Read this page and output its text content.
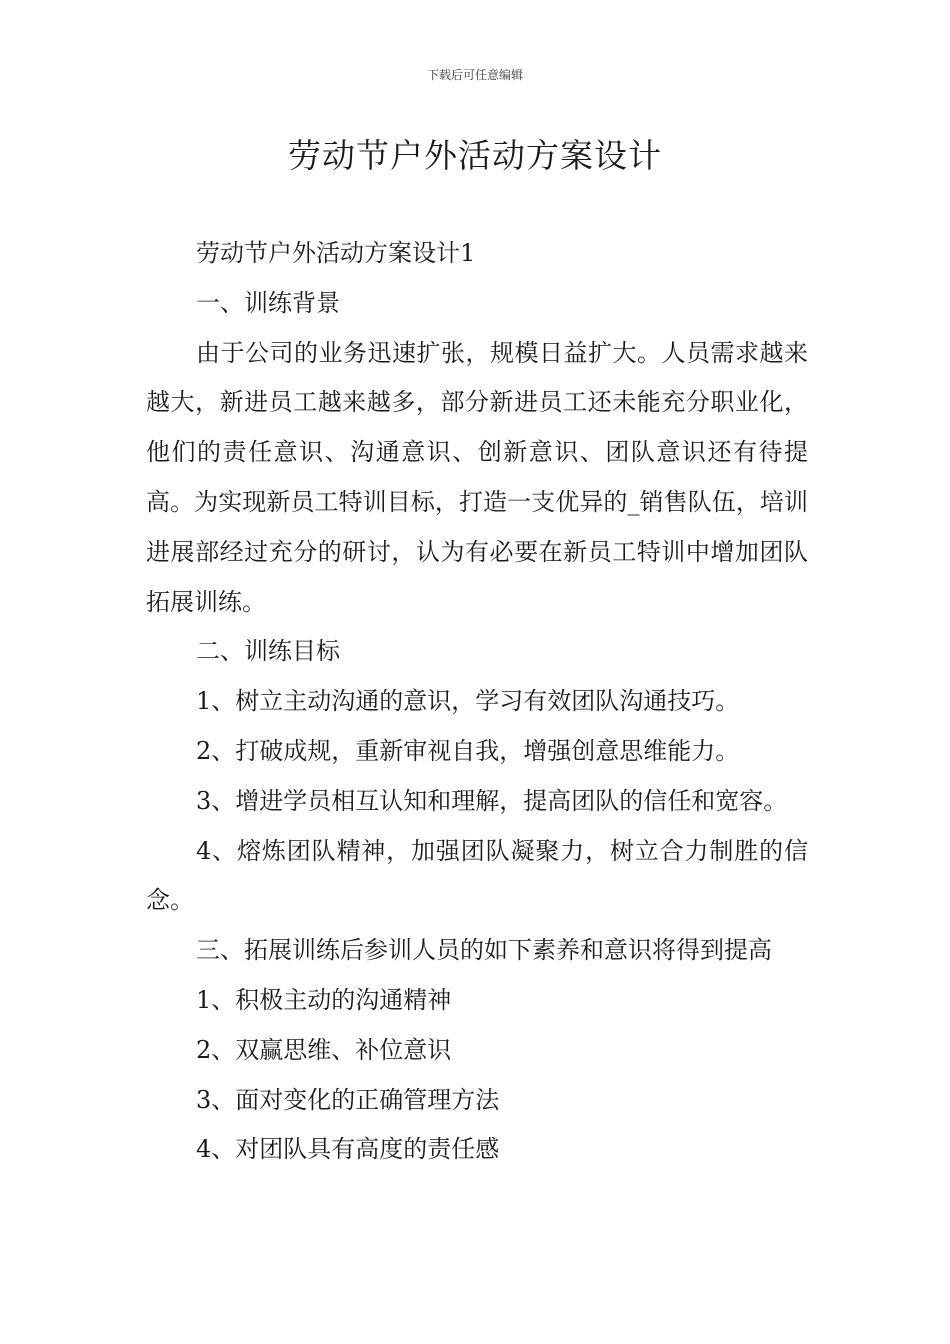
下载后可任意编辑
劳动节户外活动方案设计

劳动节户外活动方案设计1

一、训练背景

由于公司的业务迅速扩张，规模日益扩大。人员需求越来越大，新进员工越来越多，部分新进员工还未能充分职业化，他们的责任意识、沟通意识、创新意识、团队意识还有待提高。为实现新员工特训目标，打造一支优异的_销售队伍，培训进展部经过充分的研讨，认为有必要在新员工特训中增加团队拓展训练。

二、训练目标

1、树立主动沟通的意识，学习有效团队沟通技巧。

2、打破成规，重新审视自我，增强创意思维能力。

3、增进学员相互认知和理解，提高团队的信任和宽容。

4、熔炼团队精神，加强团队凝聚力，树立合力制胜的信念。

三、拓展训练后参训人员的如下素养和意识将得到提高

1、积极主动的沟通精神

2、双赢思维、补位意识

3、面对变化的正确管理方法

4、对团队具有高度的责任感
